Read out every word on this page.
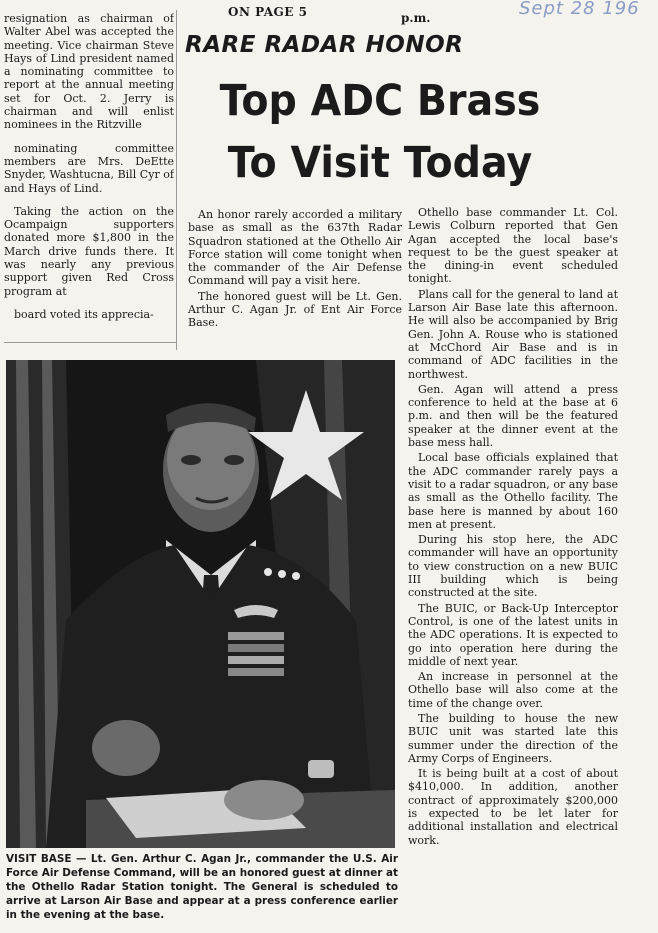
ON PAGE 5	p.m.	Sept 28 196

resignation as chairman of Walter Abel was accepted the meeting. Vice chairman Steve Hays of Lind president named a nominating committee to report at the annual meeting set for Oct. 2. Jerry is chairman and will enlist nominees in the Ritzville

nominating committee members are Mrs. DeEtte Snyder, Washtucna, Bill Cyr of and Hays of Lind.

Taking the action on the Ocampaign supporters donated more $1,800 in the March drive funds there. It was nearly any previous support given Red Cross program at

board voted its apprecia-

RARE RADAR HONOR
Top ADC Brass
To Visit Today

An honor rarely accorded a military base as small as the 637th Radar Squadron stationed at the Othello Air Force station will come tonight when the commander of the Air Defense Command will pay a visit here.

The honored guest will be Lt. Gen. Arthur C. Agan Jr. of Ent Air Force Base.

Othello base commander Lt. Col. Lewis Colburn reported that Gen Agan accepted the local base's request to be the guest speaker at the dining-in event scheduled tonight.

Plans call for the general to land at Larson Air Base late this afternoon. He will also be accompanied by Brig Gen. John A. Rouse who is stationed at McChord Air Base and is in command of ADC facilities in the northwest.

Gen. Agan will attend a press conference to held at the base at 6 p.m. and then will be the featured speaker at the dinner event at the base mess hall.

Local base officials explained that the ADC commander rarely pays a visit to a radar squadron, or any base as small as the Othello facility. The base here is manned by about 160 men at present.

During his stop here, the ADC commander will have an opportunity to view construction on a new BUIC III building which is being constructed at the site.

The BUIC, or Back-Up Interceptor Control, is one of the latest units in the ADC operations. It is expected to go into operation here during the middle of next year.

An increase in personnel at the Othello base will also come at the time of the change over.

The building to house the new BUIC unit was started late this summer under the direction of the Army Corps of Engineers.

It is being built at a cost of about $410,000. In addition, another contract of approximately $200,000 is expected to be let later for additional installation and electrical work.

VISIT BASE — Lt. Gen. Arthur C. Agan Jr., commander the U.S. Air Force Air Defense Command, will be an honored guest at dinner at the Othello Radar Station tonight. The General is scheduled to arrive at Larson Air Base and appear at a press conference earlier in the evening at the base.
